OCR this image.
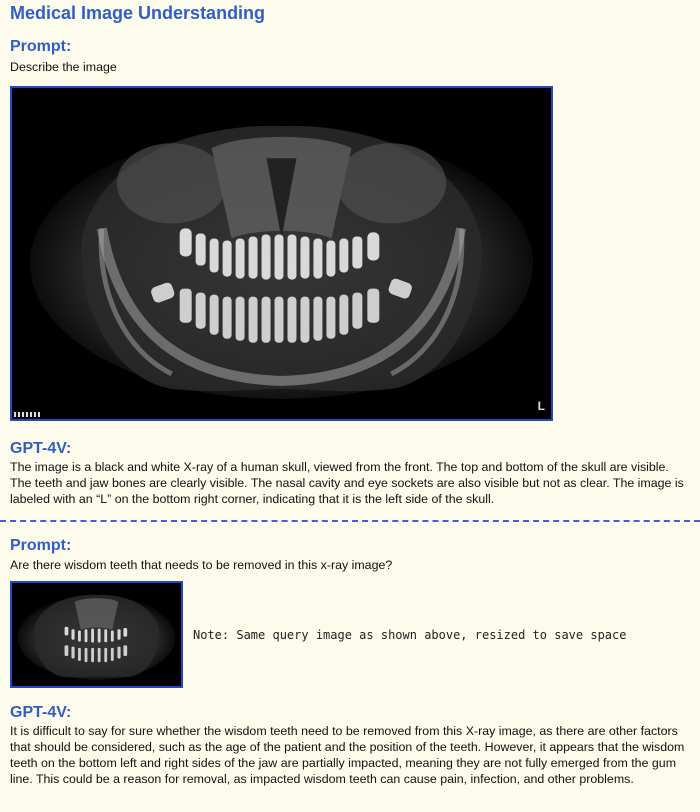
Medical Image Understanding
Prompt:
Describe the image
L
GPT-4V:
The image is a black and white X-ray of a human skull, viewed from the front. The top and bottom of the skull are visible. The teeth and jaw bones are clearly visible. The nasal cavity and eye sockets are also visible but not as clear. The image is labeled with an “L” on the bottom right corner, indicating that it is the left side of the skull.
Prompt:
Are there wisdom teeth that needs to be removed in this x-ray image?
Note: Same query image as shown above, resized to save space
GPT-4V:
It is difficult to say for sure whether the wisdom teeth need to be removed from this X-ray image, as there are other factors that should be considered, such as the age of the patient and the position of the teeth. However, it appears that the wisdom teeth on the bottom left and right sides of the jaw are partially impacted, meaning they are not fully emerged from the gum line. This could be a reason for removal, as impacted wisdom teeth can cause pain, infection, and other problems.
